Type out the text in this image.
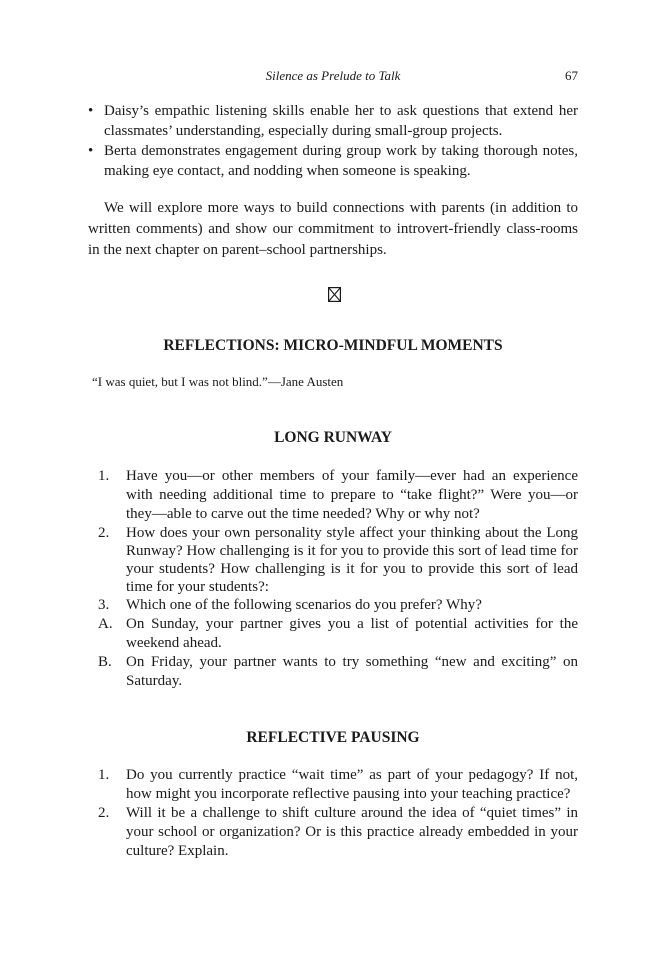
Silence as Prelude to Talk	67
• Daisy’s empathic listening skills enable her to ask questions that extend her classmates’ understanding, especially during small-group projects.
• Berta demonstrates engagement during group work by taking thorough notes, making eye contact, and nodding when someone is speaking.

We will explore more ways to build connections with parents (in addition to written comments) and show our commitment to introvert-friendly class-rooms in the next chapter on parent–school partnerships.

REFLECTIONS: MICRO-MINDFUL MOMENTS
“I was quiet, but I was not blind.”—Jane Austen
LONG RUNWAY
1.	Have you—or other members of your family—ever had an experience with needing additional time to prepare to “take flight?” Were you—or they—able to carve out the time needed? Why or why not?
2.	How does your own personality style affect your thinking about the Long Runway? How challenging is it for you to provide this sort of lead time for your students? How challenging is it for you to provide this sort of lead time for your students?:
3.	Which one of the following scenarios do you prefer? Why?
A. On Sunday, your partner gives you a list of potential activities for the weekend ahead.
B. On Friday, your partner wants to try something “new and exciting” on Saturday.
REFLECTIVE PAUSING
1.	Do you currently practice “wait time” as part of your pedagogy? If not, how might you incorporate reflective pausing into your teaching practice?
2.	Will it be a challenge to shift culture around the idea of “quiet times” in your school or organization? Or is this practice already embedded in your culture? Explain.
